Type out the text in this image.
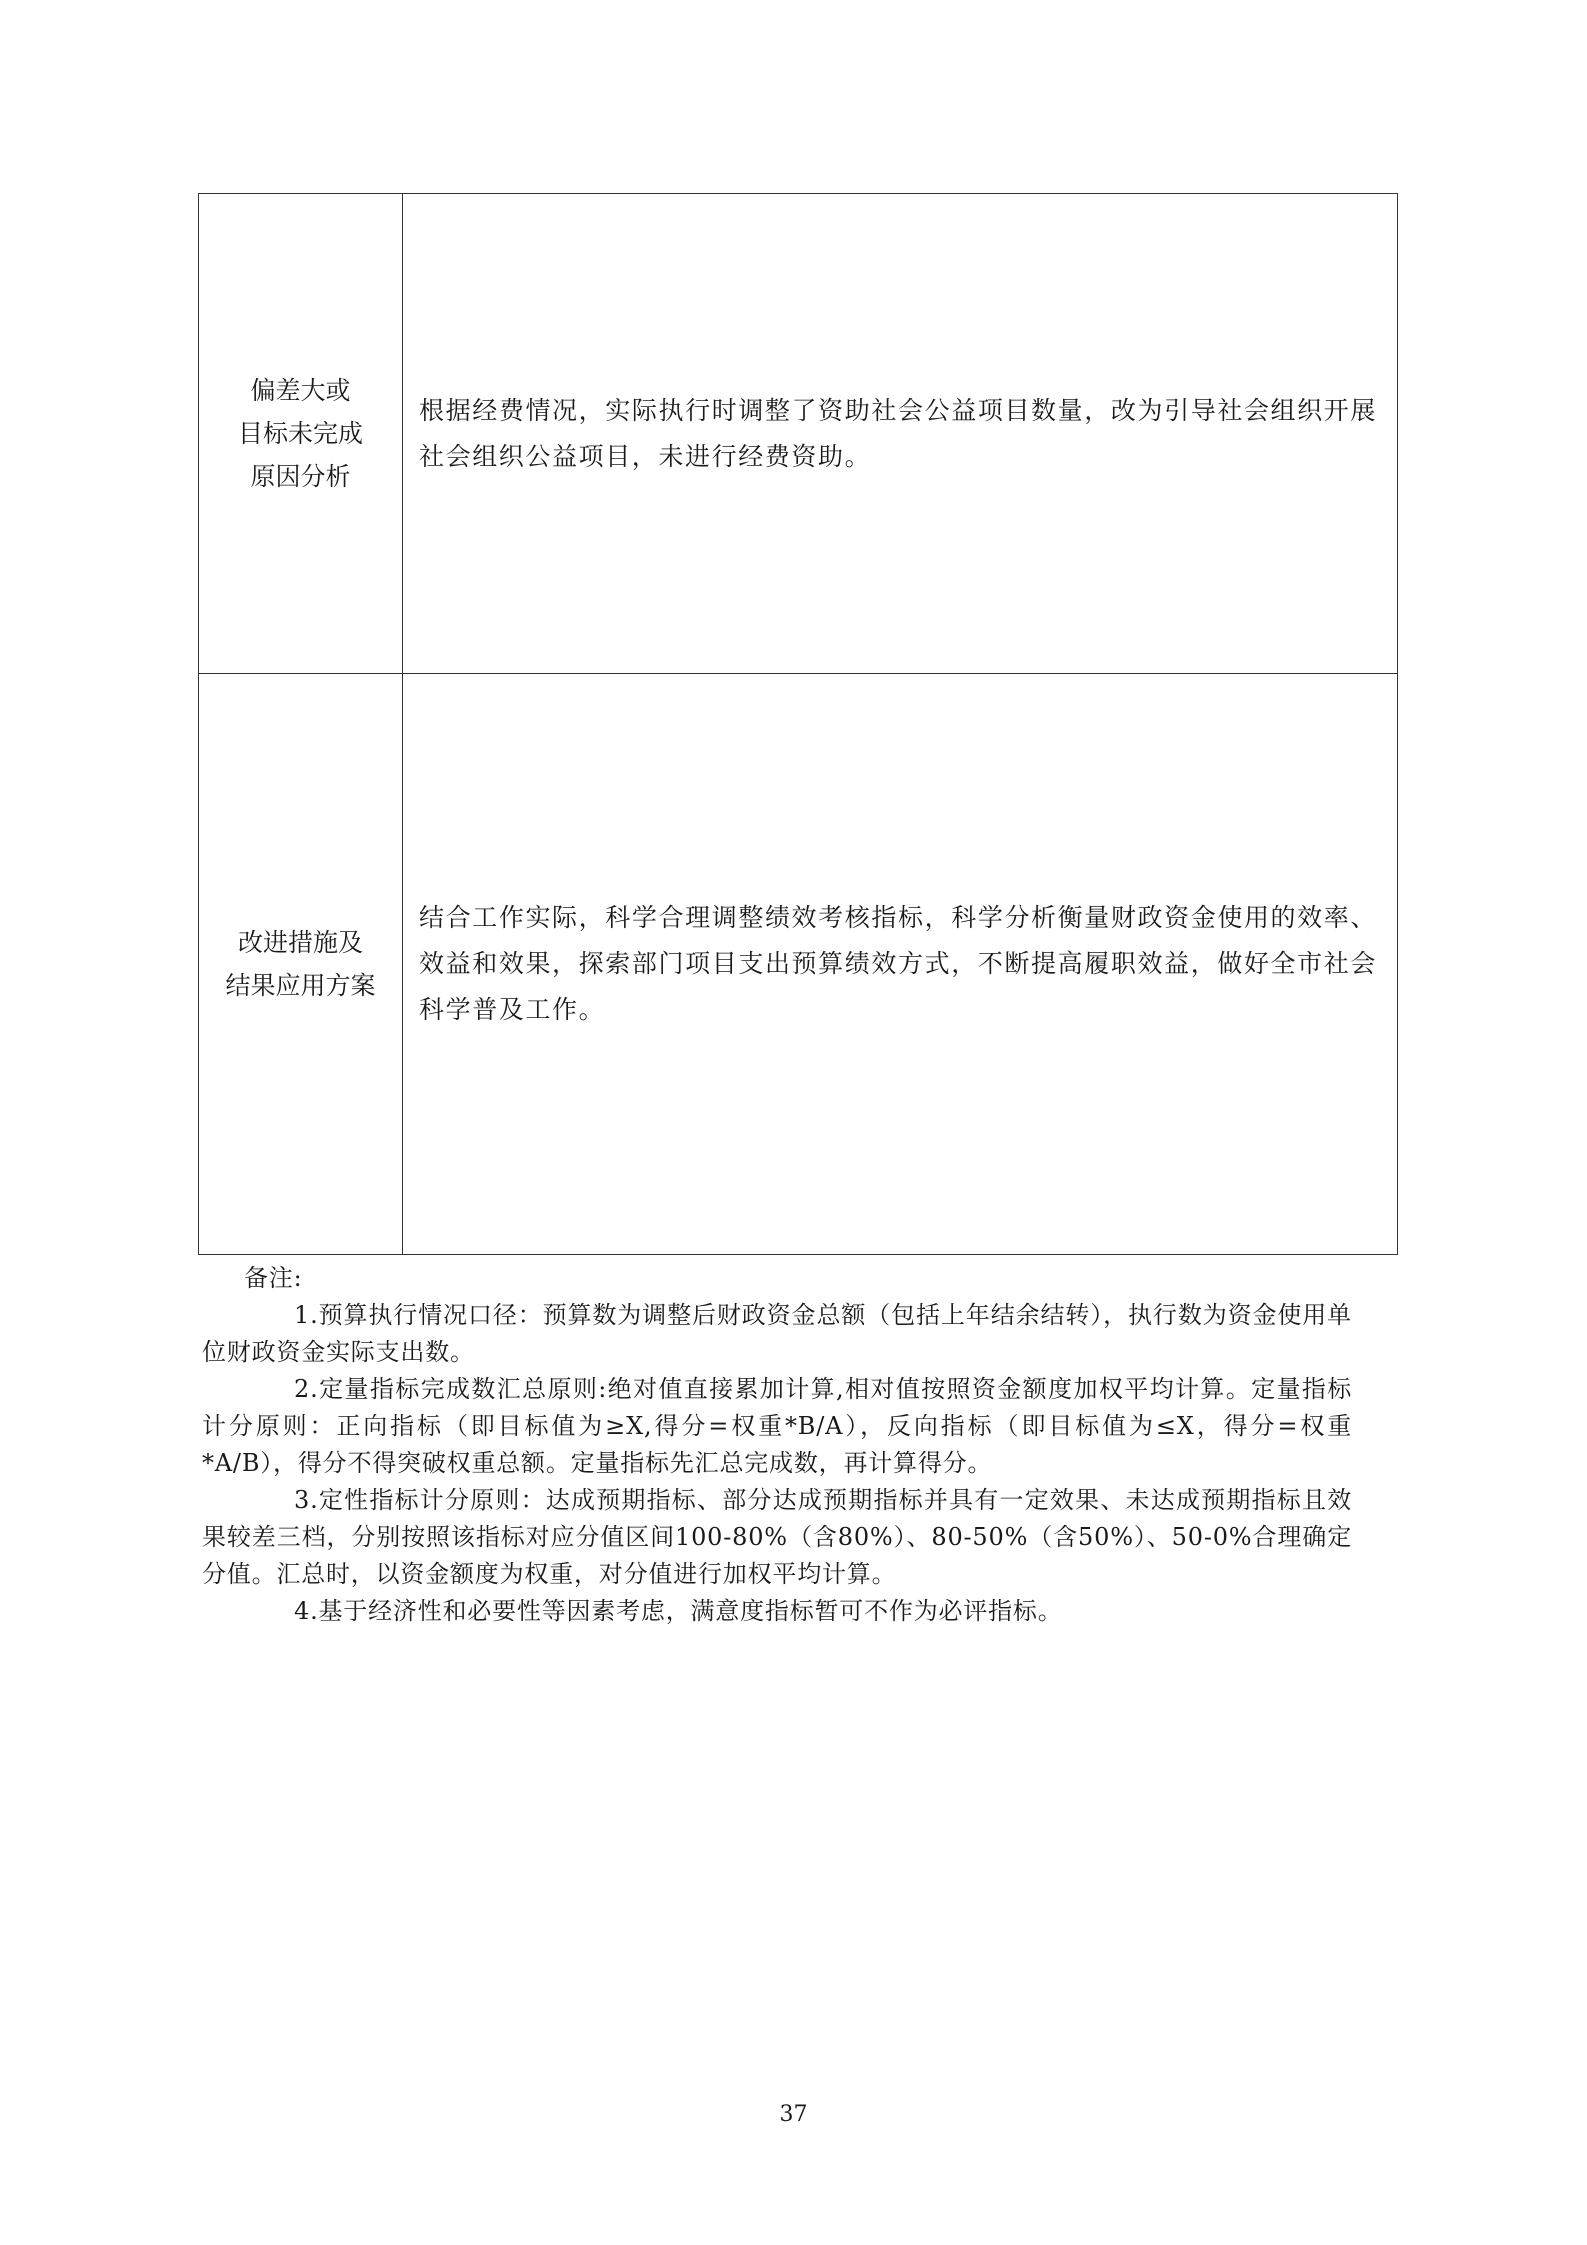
偏差大或
目标未完成
原因分析
根据经费情况，实际执行时调整了资助社会公益项目数量，改为引导社会组织开展社会组织公益项目，未进行经费资助。
改进措施及
结果应用方案
结合工作实际，科学合理调整绩效考核指标，科学分析衡量财政资金使用的效率、效益和效果，探索部门项目支出预算绩效方式，不断提高履职效益，做好全市社会科学普及工作。
备注:
1.预算执行情况口径：预算数为调整后财政资金总额（包括上年结余结转），执行数为资金使用单位财政资金实际支出数。
2.定量指标完成数汇总原则:绝对值直接累加计算,相对值按照资金额度加权平均计算。定量指标计分原则：正向指标（即目标值为≥X,得分=权重*B/A），反向指标（即目标值为≤X，得分=权重*A/B），得分不得突破权重总额。定量指标先汇总完成数，再计算得分。
3.定性指标计分原则：达成预期指标、部分达成预期指标并具有一定效果、未达成预期指标且效果较差三档，分别按照该指标对应分值区间100-80%（含80%）、80-50%（含50%）、50-0%合理确定分值。汇总时，以资金额度为权重，对分值进行加权平均计算。
4.基于经济性和必要性等因素考虑，满意度指标暂可不作为必评指标。
37
